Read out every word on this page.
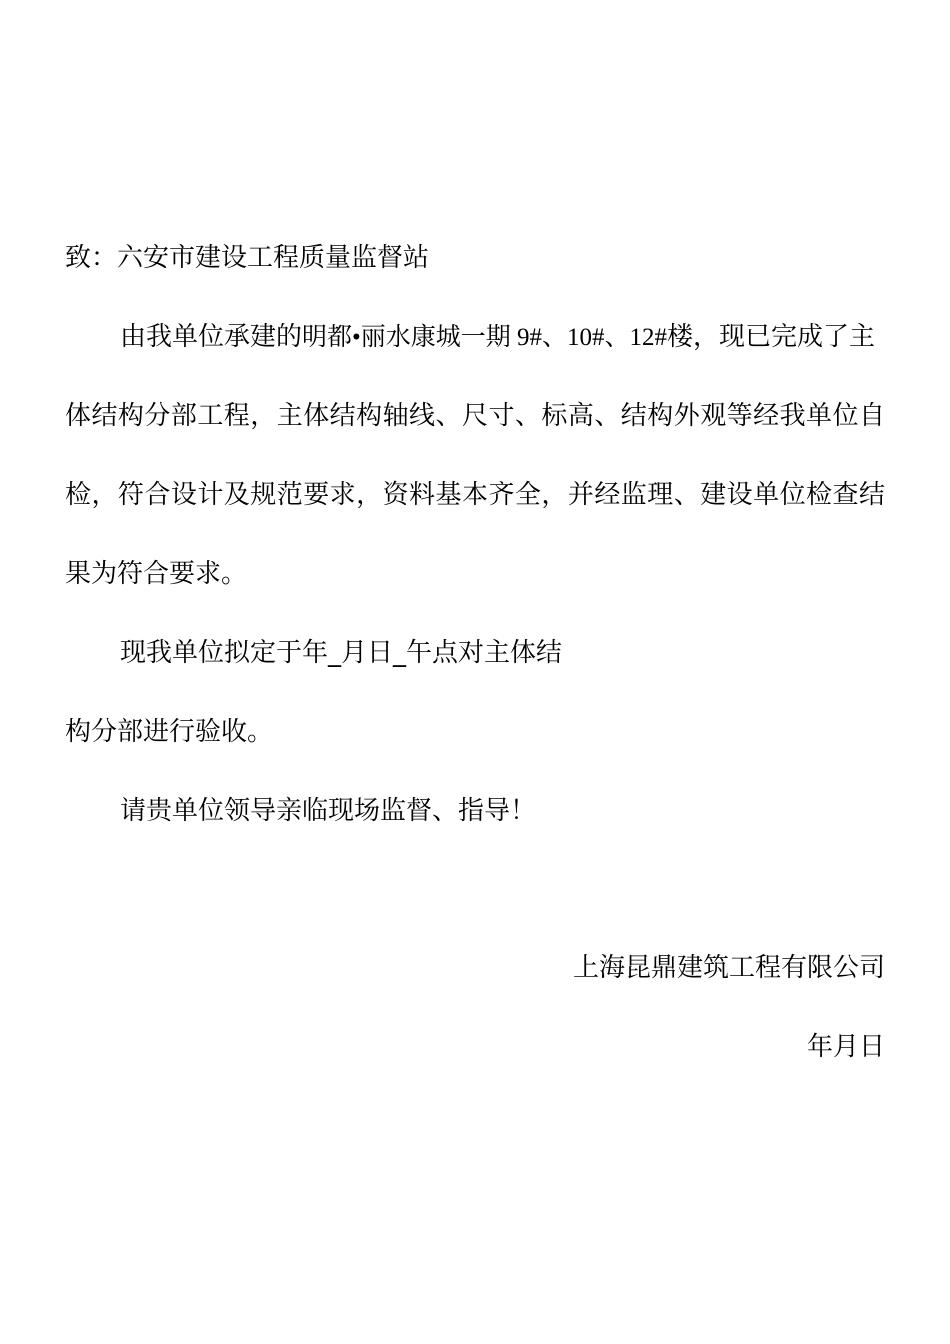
致：六安市建设工程质量监督站
由我单位承建的明都•丽水康城一期 9#、10#、12#楼，现已完成了主
体结构分部工程，主体结构轴线、尺寸、标高、结构外观等经我单位自
检，符合设计及规范要求，资料基本齐全，并经监理、建设单位检查结
果为符合要求。
现我单位拟定于年_月日_午点对主体结
构分部进行验收。
请贵单位领导亲临现场监督、指导！
上海昆鼎建筑工程有限公司
年月日
